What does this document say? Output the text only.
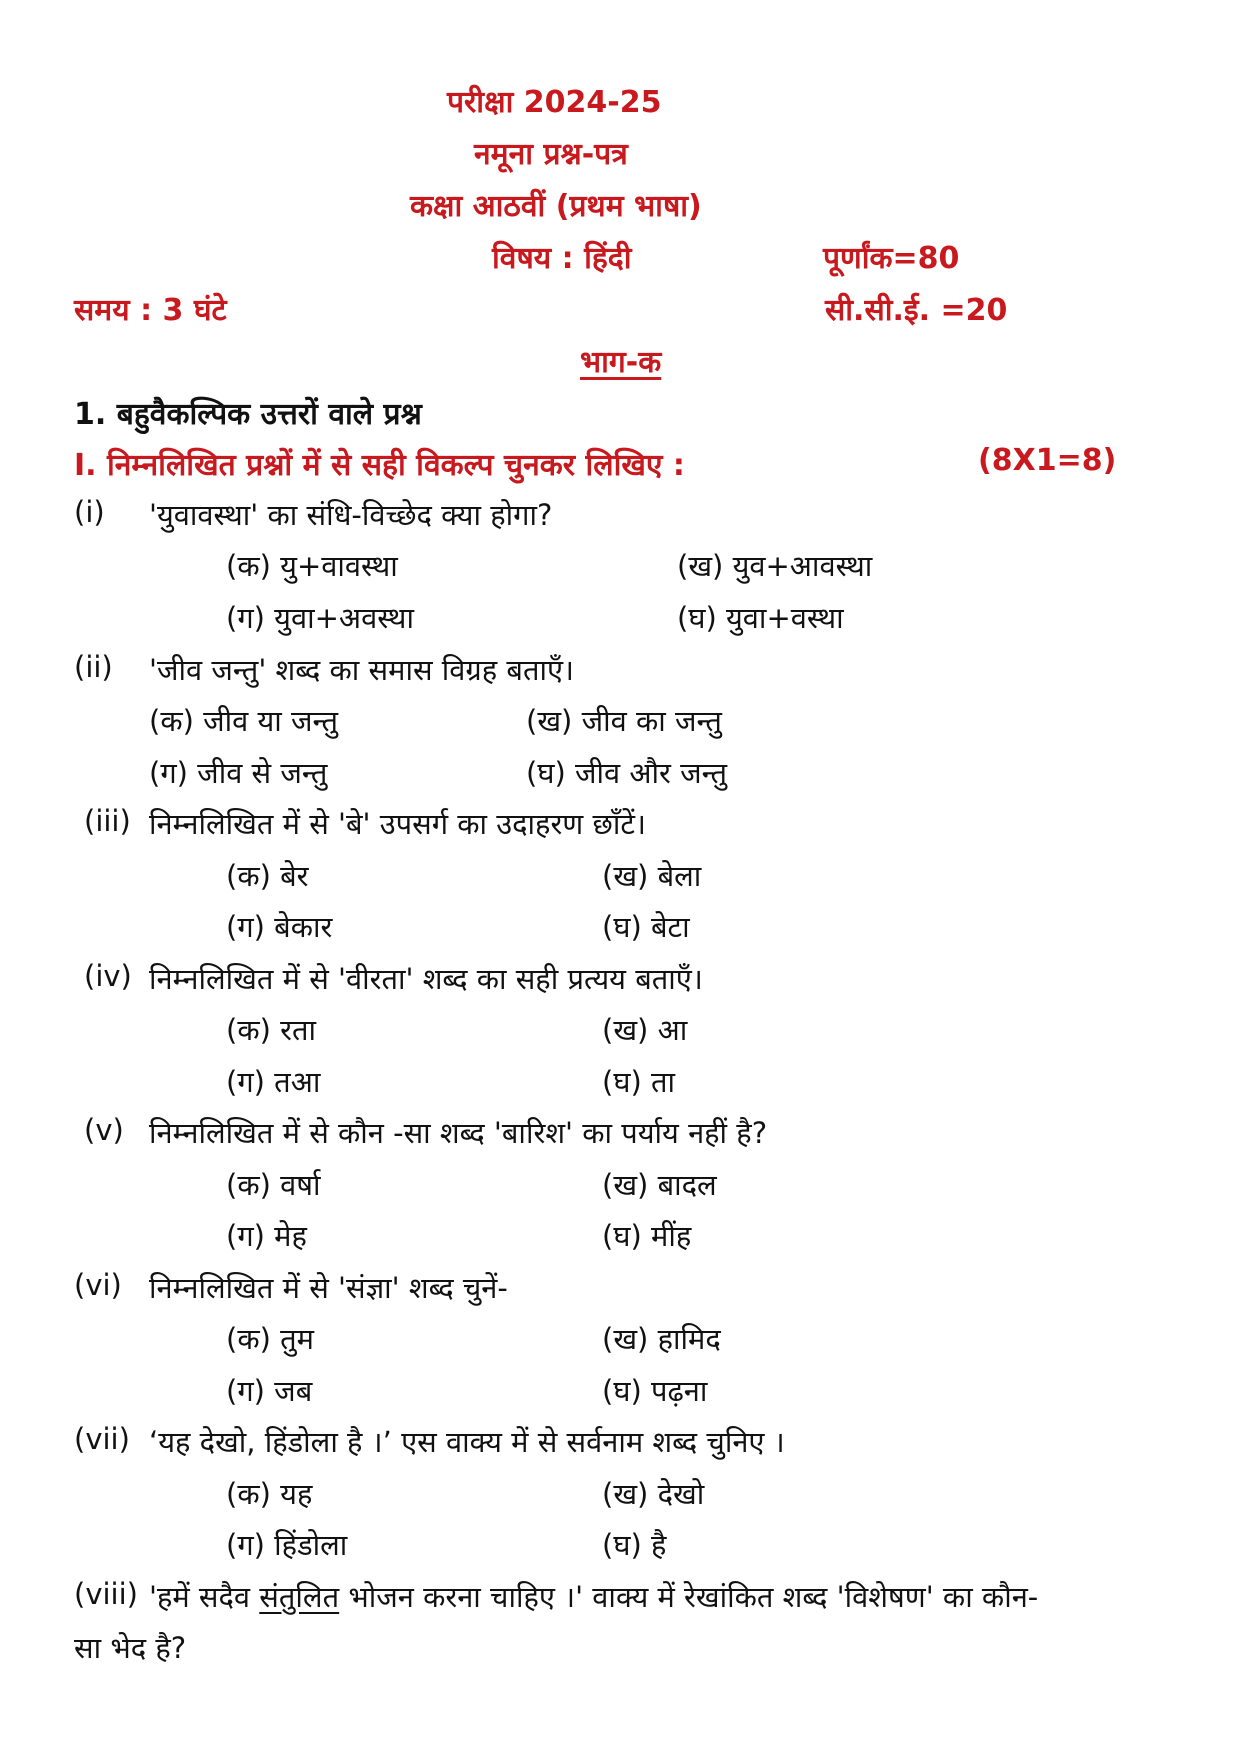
परीक्षा 2024-25
नमूना प्रश्न-पत्र
कक्षा आठवीं (प्रथम भाषा)
विषय : हिंदी	पूर्णांक=80
समय : 3 घंटे	सी.सी.ई. =20
भाग-क
1. बहुवैकल्पिक उत्तरों वाले प्रश्न
I. निम्नलिखित प्रश्नों में से सही विकल्प चुनकर लिखिए :	(8X1=8)
(i) 'युवावस्था' का संधि-विच्छेद क्या होगा?
(क) यु+वावस्था	(ख) युव+आवस्था
(ग) युवा+अवस्था	(घ) युवा+वस्था
(ii) 'जीव जन्तु' शब्द का समास विग्रह बताएँ।
(क) जीव या जन्तु	(ख) जीव का जन्तु
(ग) जीव से जन्तु	(घ) जीव और जन्तु
(iii) निम्नलिखित में से 'बे' उपसर्ग का उदाहरण छाँटें।
(क) बेर	(ख) बेला
(ग) बेकार	(घ) बेटा
(iv) निम्नलिखित में से 'वीरता' शब्द का सही प्रत्यय बताएँ।
(क) रता	(ख) आ
(ग) तआ	(घ) ता
(v) निम्नलिखित में से कौन -सा शब्द 'बारिश' का पर्याय नहीं है?
(क) वर्षा	(ख) बादल
(ग) मेह	(घ) मींह
(vi) निम्नलिखित में से 'संज्ञा' शब्द चुनें-
(क) तुम	(ख) हामिद
(ग) जब	(घ) पढ़ना
(vii) ‘यह देखो, हिंडोला है ।’ एस वाक्य में से सर्वनाम शब्द चुनिए ।
(क) यह	(ख) देखो
(ग) हिंडोला	(घ) है
(viii) 'हमें सदैव संतुलित भोजन करना चाहिए ।' वाक्य में रेखांकित शब्द 'विशेषण' का कौन-
सा भेद है?
